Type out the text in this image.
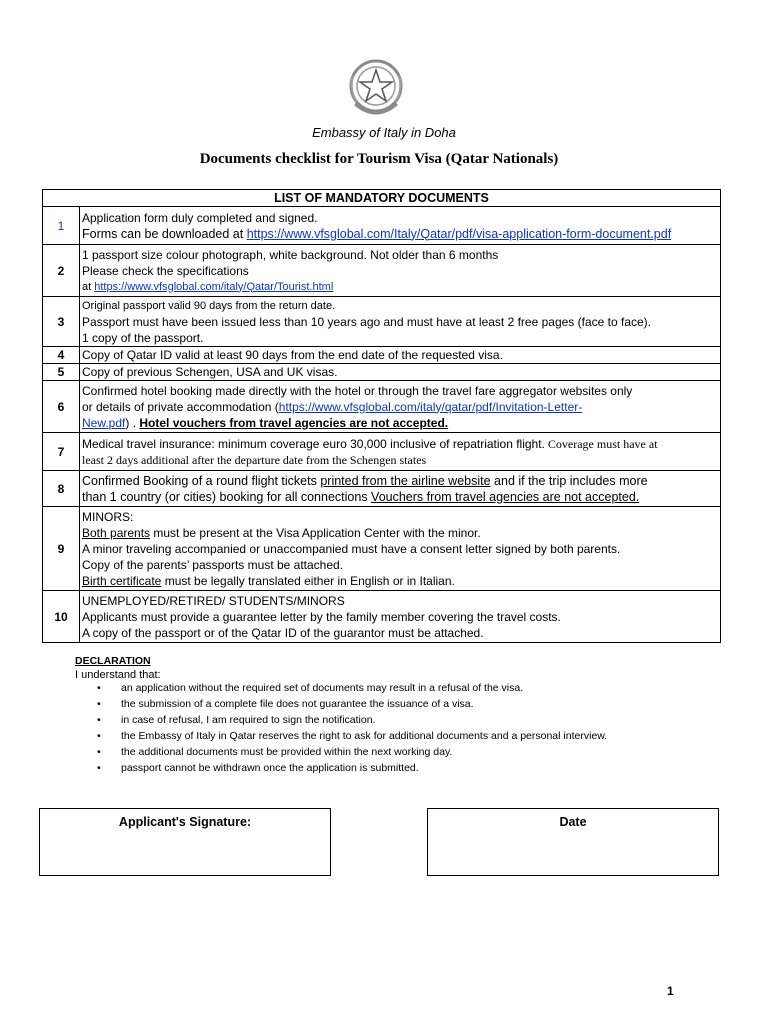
Embassy of Italy in Doha
Documents checklist for Tourism Visa (Qatar Nationals)
LIST OF MANDATORY DOCUMENTS	
1	Application form duly completed and signed.
Forms can be downloaded at https://www.vfsglobal.com/Italy/Qatar/pdf/visa-application-form-document.pdf

2	1 passport size colour photograph, white background. Not older than 6 months
Please check the specifications
at https://www.vfsglobal.com/italy/Qatar/Tourist.html

3	Original passport valid 90 days from the return date.
Passport must have been issued less than 10 years ago and must have at least 2 free pages (face to face).
1 copy of the passport.

4	Copy of Qatar ID valid at least 90 days from the end date of the requested visa.

5	Copy of previous Schengen, USA and UK visas.

6	Confirmed hotel booking made directly with the hotel or through the travel fare aggregator websites only
or details of private accommodation (https://www.vfsglobal.com/italy/qatar/pdf/Invitation-Letter-
New.pdf) . Hotel vouchers from travel agencies are not accepted.

7	Medical travel insurance: minimum coverage euro 30,000 inclusive of repatriation flight. Coverage must have at
least 2 days additional after the departure date from the Schengen states

8	Confirmed Booking of a round flight tickets printed from the airline website and if the trip includes more
than 1 country (or cities) booking for all connections Vouchers from travel agencies are not accepted.

9	MINORS:
Both parents must be present at the Visa Application Center with the minor.
A minor traveling accompanied or unaccompanied must have a consent letter signed by both parents.
Copy of the parents’ passports must be attached.
Birth certificate must be legally translated either in English or in Italian.

10	UNEMPLOYED/RETIRED/ STUDENTS/MINORS
Applicants must provide a guarantee letter by the family member covering the travel costs.
A copy of the passport or of the Qatar ID of the guarantor must be attached.
DECLARATION
I understand that:
• an application without the required set of documents may result in a refusal of the visa.
• the submission of a complete file does not guarantee the issuance of a visa.
• in case of refusal, I am required to sign the notification.
• the Embassy of Italy in Qatar reserves the right to ask for additional documents and a personal interview.
• the additional documents must be provided within the next working day.
• passport cannot be withdrawn once the application is submitted.
Applicant's Signature:	Date
1
